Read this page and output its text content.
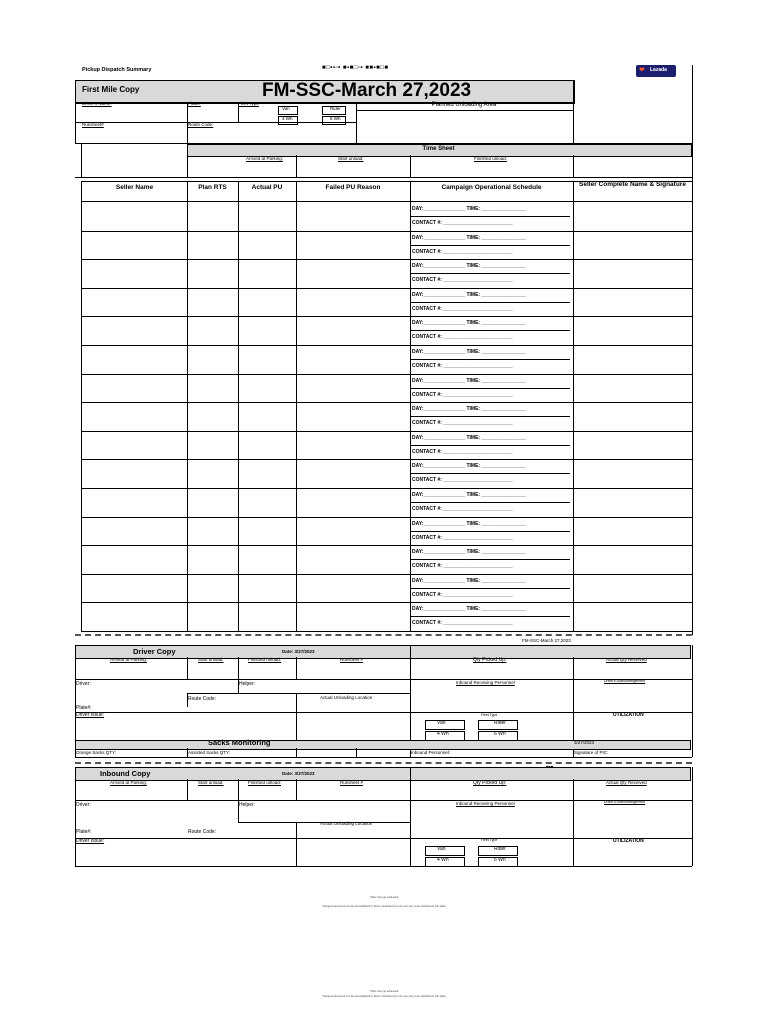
Pickup Dispatch Summary	■□•▪▫• ■▪■□▫• ■■▪■□■	❤ Lazada
First Mile Copy	FM-SSC-March 27,2023
Driver's Name:	Plate#	Fleet Type
Van	Rider
4 Wh	6 Wh
Planned Unloading Area
Runsheet#	Route Code:
Time Sheet
Arrived at Parking:	Start unload:	Finished unload:
Seller Name	Plan RTS	Actual PU	Failed PU Reason	Campaign Operational Schedule	Seller Complete Name & Signature
DAY:_______________ TIME: ________________
CONTACT #: _________________________
DAY:_______________ TIME: ________________
CONTACT #: _________________________
DAY:_______________ TIME: ________________
CONTACT #: _________________________
DAY:_______________ TIME: ________________
CONTACT #: _________________________
DAY:_______________ TIME: ________________
CONTACT #: _________________________
DAY:_______________ TIME: ________________
CONTACT #: _________________________
DAY:_______________ TIME: ________________
CONTACT #: _________________________
DAY:_______________ TIME: ________________
CONTACT #: _________________________
DAY:_______________ TIME: ________________
CONTACT #: _________________________
DAY:_______________ TIME: ________________
CONTACT #: _________________________
DAY:_______________ TIME: ________________
CONTACT #: _________________________
DAY:_______________ TIME: ________________
CONTACT #: _________________________
DAY:_______________ TIME: ________________
CONTACT #: _________________________
DAY:_______________ TIME: ________________
CONTACT #: _________________________
DAY:_______________ TIME: ________________
CONTACT #: _________________________
FM-SSC-March 27,2023
Driver Copy	Date: 3/27/2023
Arrived at Parking:	Start unload:	Finished unload:	Runsheet #	Qty Picked Up:	Actual Qty Received
Driver:	Helper:	Inbound Receiving Personnel	Driver's Acknowledgement
Route Code:	Actual Unloading Location
Plate#:
Driver Issue:	UTILIZATION
Fleet Type
Van	Rider
4 Wh	6 Wh
Sacks Monitoring	3/27/2023
Orange Sacks QTY:	Assisted Sacks QTY:	Inbound Personnel:	Signature of PIC:
Inbound Copy	Date: 3/27/2023
Arrived at Parking:	Start unload:	Finished unload:	Runsheet #	Qty Picked Up:	Actual Qty Received
Driver:	Helper:	Inbound Receiving Personnel	Driver's Acknowledgement
Actual Unloading Location
Plate#:	Route Code:
Driver Issue:	UTILIZATION
Fleet Type
Van	Rider
4 Wh	6 Wh
*Note: lines go exhausted
*Assigned document is to be accomplished by Driver / Assistant per unit / use only, to be submitted to hub today
*Note: lines go exhausted
*Assigned document is to be accomplished by Driver / Assistant per unit / use only, to be submitted to hub today
